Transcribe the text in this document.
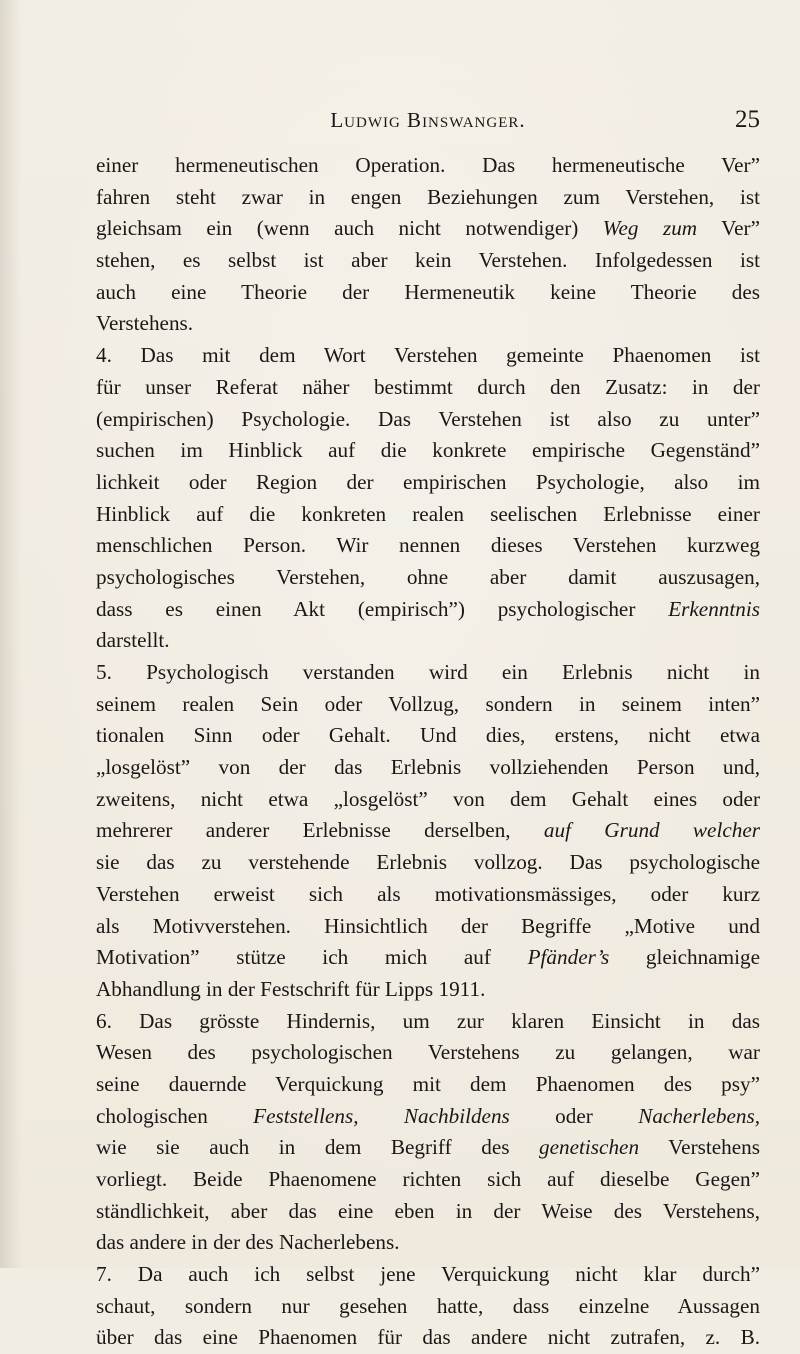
Ludwig Binswanger.	25
einer hermeneutischen Operation. Das hermeneutische Verˮ
fahren steht zwar in engen Beziehungen zum Verstehen, ist
gleichsam ein (wenn auch nicht notwendiger) Weg zum Verˮ
stehen, es selbst ist aber kein Verstehen. Infolgedessen ist
auch eine Theorie der Hermeneutik keine Theorie des
Verstehens.
4. Das mit dem Wort Verstehen gemeinte Phaenomen ist
für unser Referat näher bestimmt durch den Zusatz: in der
(empirischen) Psychologie. Das Verstehen ist also zu unterˮ
suchen im Hinblick auf die konkrete empirische Gegenständˮ
lichkeit oder Region der empirischen Psychologie, also im
Hinblick auf die konkreten realen seelischen Erlebnisse einer
menschlichen Person. Wir nennen dieses Verstehen kurzweg
psychologisches Verstehen, ohne aber damit auszusagen,
dass es einen Akt (empirischˮ) psychologischer Erkenntnis
darstellt.
5. Psychologisch verstanden wird ein Erlebnis nicht in
seinem realen Sein oder Vollzug, sondern in seinem intenˮ
tionalen Sinn oder Gehalt. Und dies, erstens, nicht etwa
„losgelöst” von der das Erlebnis vollziehenden Person und,
zweitens, nicht etwa „losgelöst” von dem Gehalt eines oder
mehrerer anderer Erlebnisse derselben, auf Grund welcher
sie das zu verstehende Erlebnis vollzog. Das psychologische
Verstehen erweist sich als motivationsmässiges, oder kurz
als Motivverstehen. Hinsichtlich der Begriffe „Motive und
Motivation” stütze ich mich auf Pfänder’s gleichnamige
Abhandlung in der Festschrift für Lipps 1911.
6. Das grösste Hindernis, um zur klaren Einsicht in das
Wesen des psychologischen Verstehens zu gelangen, war
seine dauernde Verquickung mit dem Phaenomen des psyˮ
chologischen Feststellens, Nachbildens oder Nacherlebens,
wie sie auch in dem Begriff des genetischen Verstehens
vorliegt. Beide Phaenomene richten sich auf dieselbe Gegenˮ
ständlichkeit, aber das eine eben in der Weise des Verstehens,
das andere in der des Nacherlebens.
7. Da auch ich selbst jene Verquickung nicht klar durchˮ
schaut, sondern nur gesehen hatte, dass einzelne Aussagen
über das eine Phaenomen für das andere nicht zutrafen, z. B.
